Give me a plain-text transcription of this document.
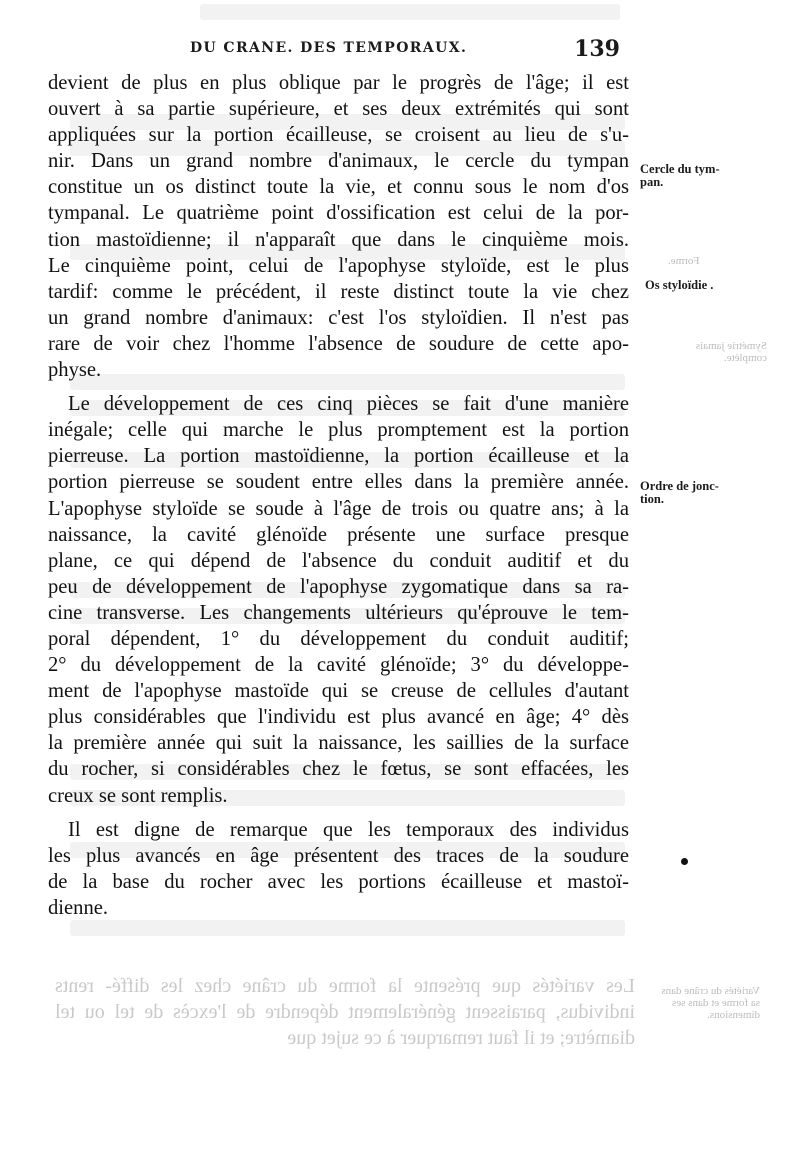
DU CRANE. DES TEMPORAUX.	139

devient de plus en plus oblique par le progrès de l'âge; il est
ouvert à sa partie supérieure, et ses deux extrémités qui sont
appliquées sur la portion écailleuse, se croisent au lieu de s'u-
nir. Dans un grand nombre d'animaux, le cercle du tympan
constitue un os distinct toute la vie, et connu sous le nom d'os
tympanal. Le quatrième point d'ossification est celui de la por-
tion mastoïdienne; il n'apparaît que dans le cinquième mois.
Le cinquième point, celui de l'apophyse styloïde, est le plus
tardif: comme le précédent, il reste distinct toute la vie chez
un grand nombre d'animaux: c'est l'os styloïdien. Il n'est pas
rare de voir chez l'homme l'absence de soudure de cette apo-
physe.

Le développement de ces cinq pièces se fait d'une manière
inégale; celle qui marche le plus promptement est la portion
pierreuse. La portion mastoïdienne, la portion écailleuse et la
portion pierreuse se soudent entre elles dans la première année.
L'apophyse styloïde se soude à l'âge de trois ou quatre ans; à la
naissance, la cavité glénoïde présente une surface presque
plane, ce qui dépend de l'absence du conduit auditif et du
peu de développement de l'apophyse zygomatique dans sa ra-
cine transverse. Les changements ultérieurs qu'éprouve le tem-
poral dépendent, 1° du développement du conduit auditif;
2° du développement de la cavité glénoïde; 3° du développe-
ment de l'apophyse mastoïde qui se creuse de cellules d'autant
plus considérables que l'individu est plus avancé en âge; 4° dès
la première année qui suit la naissance, les saillies de la surface
du rocher, si considérables chez le fœtus, se sont effacées, les
creux se sont remplis.

Il est digne de remarque que les temporaux des individus
les plus avancés en âge présentent des traces de la soudure
de la base du rocher avec les portions écailleuse et mastoï-
dienne.

Cercle du tym-
pan.
Os styloïdie .
Ordre de jonc-
tion.
Forme.
Symétrie jamais complète.
Variétés du crâne dans sa forme et dans ses dimensions.
Les variétés que présente la forme du crâne chez les diffé- rents individus, paraissent généralement dépendre de l'excès de tel ou tel diamètre; et il faut remarquer à ce sujet que
